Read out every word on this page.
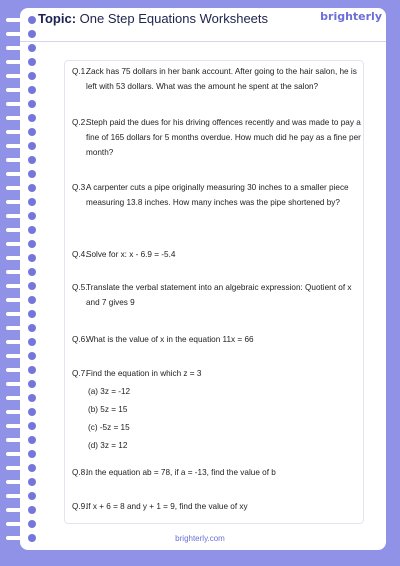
Topic: One Step Equations Worksheets	brighterly
Q.1.
Zack has 75 dollars in her bank account. After going to the hair salon, he is left with 53 dollars. What was the amount he spent at the salon?
Q.2.
Steph paid the dues for his driving offences recently and was made to pay a fine of 165 dollars for 5 months overdue. How much did he pay as a fine per month?
Q.3.
A carpenter cuts a pipe originally measuring 30 inches to a smaller piece measuring 13.8 inches. How many inches was the pipe shortened by?
Q.4.
Solve for x: x - 6.9 = -5.4
Q.5.
Translate the verbal statement into an algebraic expression: Quotient of x and 7 gives 9
Q.6.
What is the value of x in the equation 11x = 66
Q.7.
Find the equation in which z = 3
(a) 3z = -12
(b) 5z = 15
(c) -5z = 15
(d) 3z = 12
Q.8.
In the equation ab = 78, if a = -13, find the value of b
Q.9.
If x + 6 = 8 and y + 1 = 9, find the value of xy
brighterly.com
